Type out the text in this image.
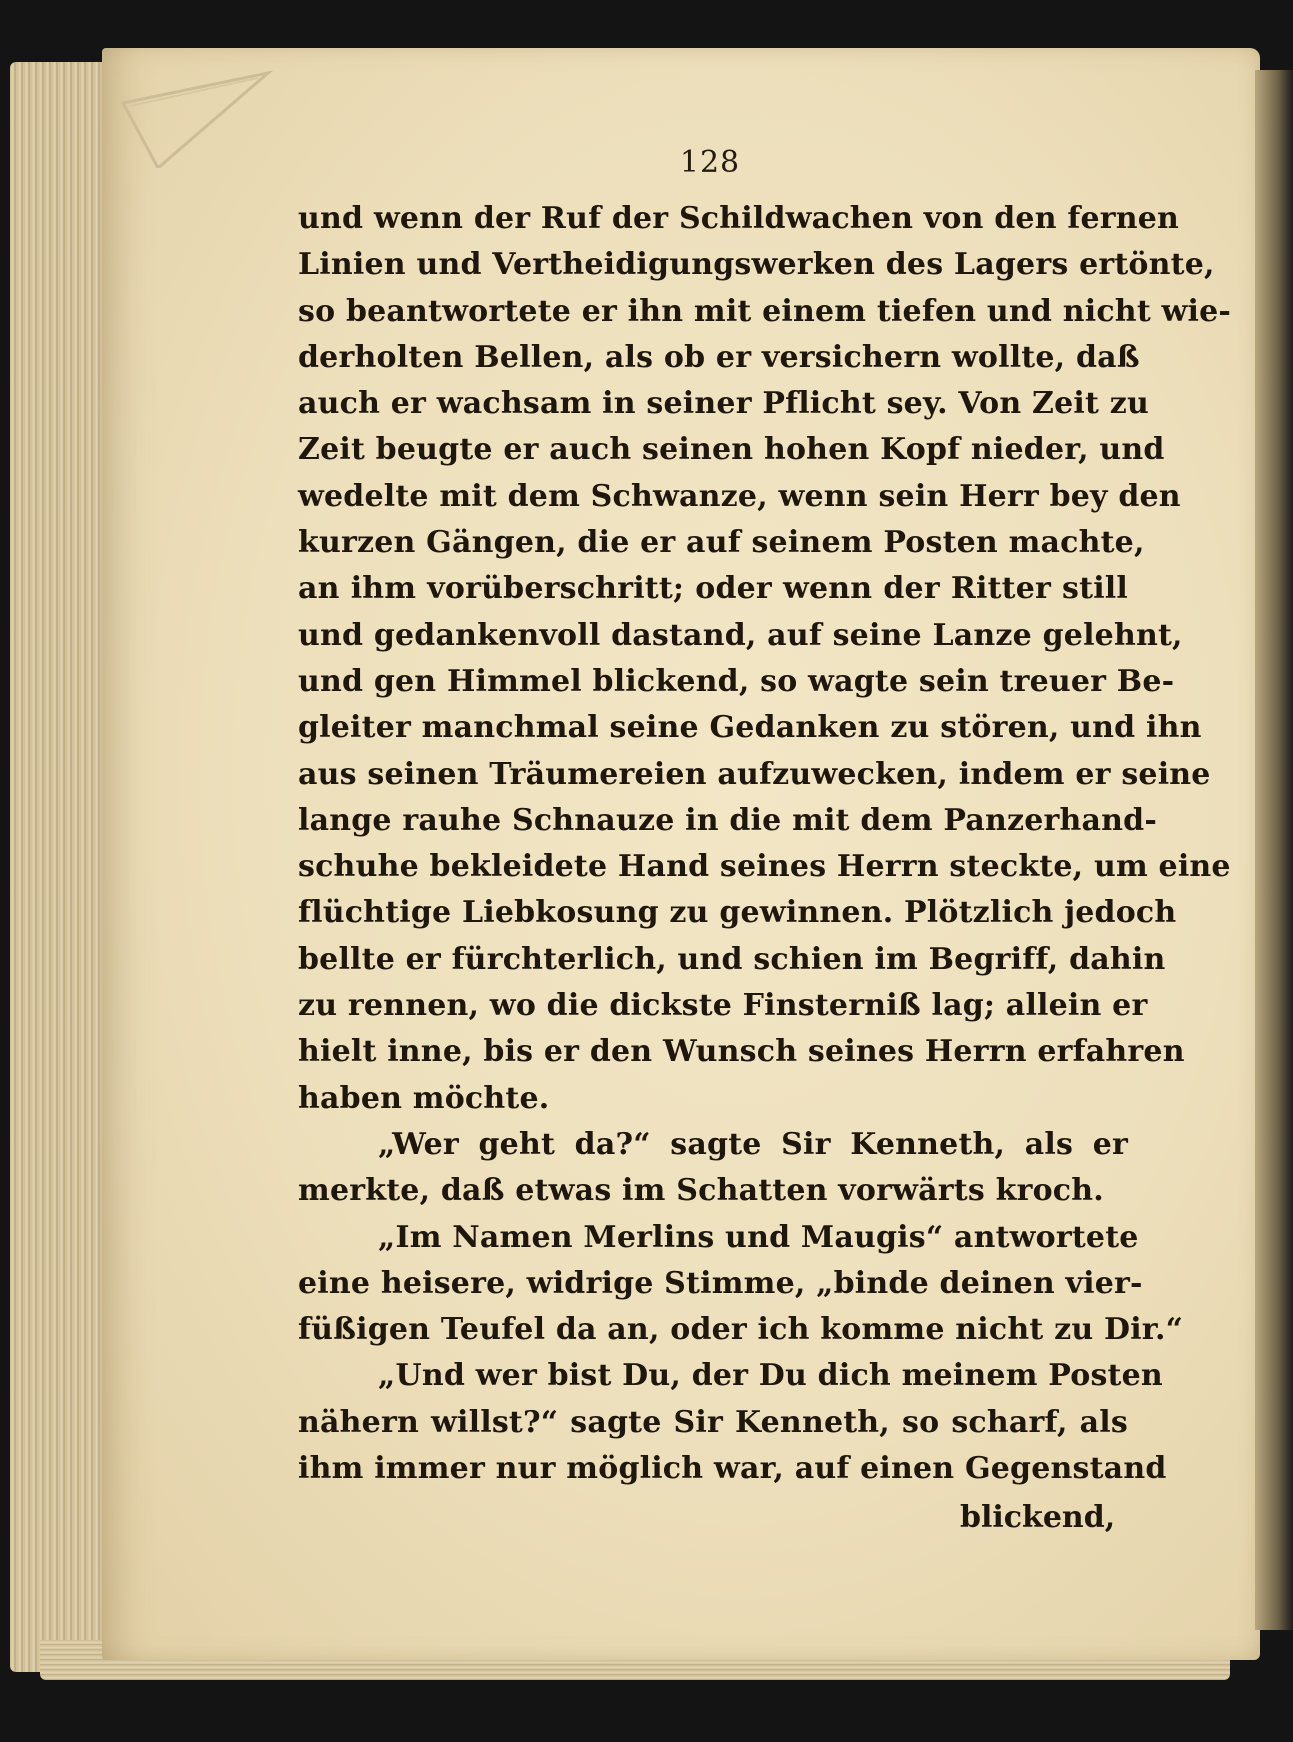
128
und wenn der Ruf der Schildwachen von den fernen
Linien und Vertheidigungswerken des Lagers ertönte,
so beantwortete er ihn mit einem tiefen und nicht wie-
derholten Bellen, als ob er versichern wollte, daß
auch er wachsam in seiner Pflicht sey. Von Zeit zu
Zeit beugte er auch seinen hohen Kopf nieder, und
wedelte mit dem Schwanze, wenn sein Herr bey den
kurzen Gängen, die er auf seinem Posten machte,
an ihm vorüberschritt; oder wenn der Ritter still
und gedankenvoll dastand, auf seine Lanze gelehnt,
und gen Himmel blickend, so wagte sein treuer Be-
gleiter manchmal seine Gedanken zu stören, und ihn
aus seinen Träumereien aufzuwecken, indem er seine
lange rauhe Schnauze in die mit dem Panzerhand-
schuhe bekleidete Hand seines Herrn steckte, um eine
flüchtige Liebkosung zu gewinnen. Plötzlich jedoch
bellte er fürchterlich, und schien im Begriff, dahin
zu rennen, wo die dickste Finsterniß lag; allein er
hielt inne, bis er den Wunsch seines Herrn erfahren
haben möchte.
„Wer geht da?“ sagte Sir Kenneth, als er
merkte, daß etwas im Schatten vorwärts kroch.
„Im Namen Merlins und Maugis“ antwortete
eine heisere, widrige Stimme, „binde deinen vier-
füßigen Teufel da an, oder ich komme nicht zu Dir.“
„Und wer bist Du, der Du dich meinem Posten
nähern willst?“ sagte Sir Kenneth, so scharf, als
ihm immer nur möglich war, auf einen Gegenstand
blickend,
